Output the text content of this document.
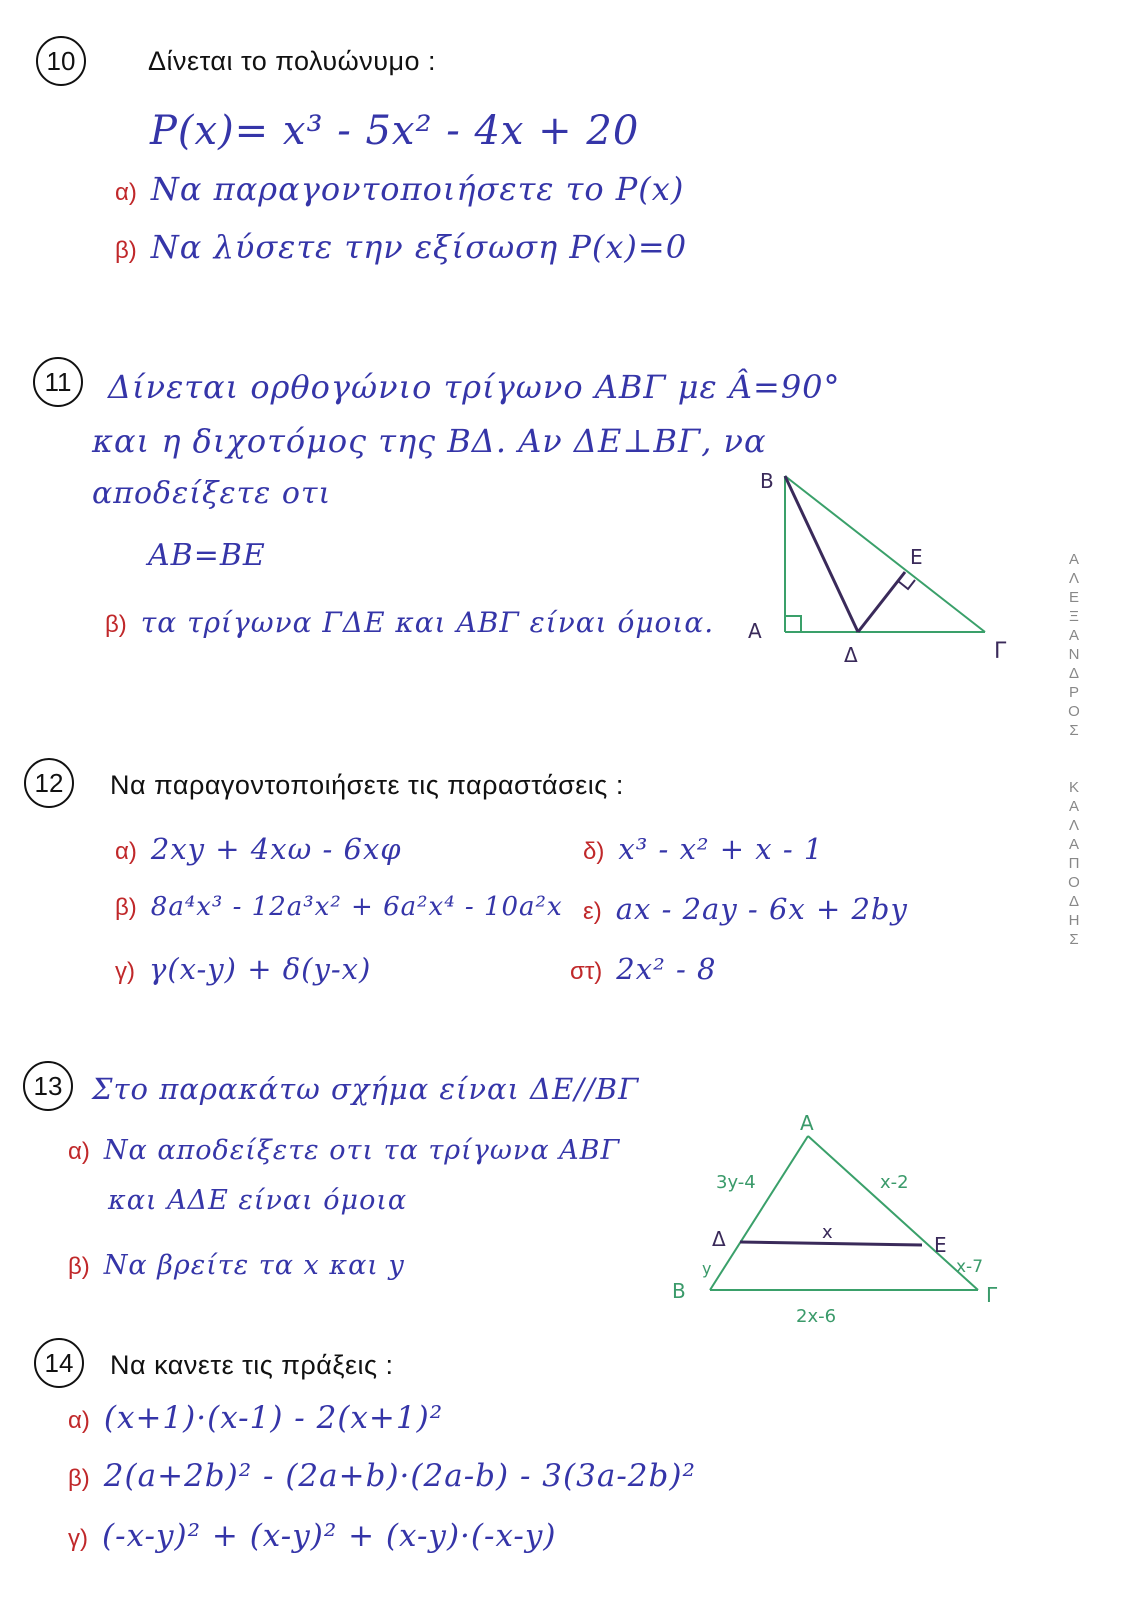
10	Δίνεται το πολυώνυμο :
P(x)= x³ - 5x² - 4x + 20
α) Να παραγοντοποιήσετε το P(x)
β) Να λύσετε την εξίσωση P(x)=0
11	Δίνεται ορθογώνιο τρίγωνο ΑΒΓ με Â=90°
και η διχοτόμος της ΒΔ. Αν ΔΕ⊥ΒΓ, να
αποδείξετε οτι
ΑΒ=ΒΕ
β) τα τρίγωνα ΓΔΕ και ΑΒΓ είναι όμοια.
Β
Α
Γ
Δ
Ε
12	Να παραγοντοποιήσετε τις παραστάσεις :
α) 2xy + 4xω - 6xφ
β) 8a⁴x³ - 12a³x² + 6a²x⁴ - 10a²x
γ) γ(x-y) + δ(y-x)
δ) x³ - x² + x - 1
ε) ax - 2ay - 6x + 2by
στ) 2x² - 8
13	Στο παρακάτω σχήμα είναι ΔΕ//ΒΓ
α) Να αποδείξετε οτι τα τρίγωνα ΑΒΓ
και ΑΔΕ είναι όμοια
β) Να βρείτε τα x και y
Α
Δ	Ε
Β	Γ
3y-4	x-2
x
y	x-7
2x-6
14	Να κανετε τις πράξεις :
α) (x+1)·(x-1) - 2(x+1)²
β) 2(a+2b)² - (2a+b)·(2a-b) - 3(3a-2b)²
γ) (-x-y)² + (x-y)² + (x-y)·(-x-y)
Α
Λ
Ε
Ξ
Α
Ν
Δ
Ρ
Ο
Σ

Κ
Α
Λ
Α
Π
Ο
Δ
Η
Σ
